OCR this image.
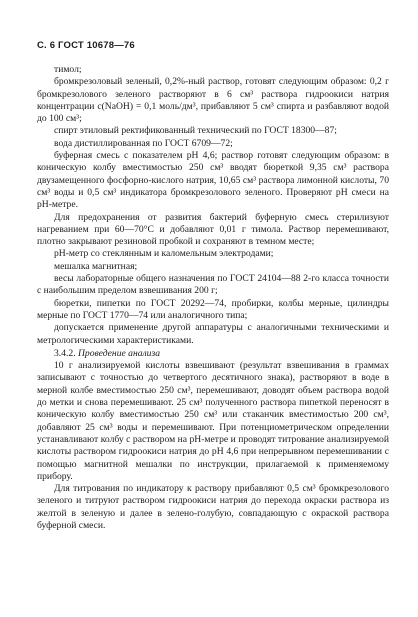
С. 6 ГОСТ 10678—76

тимол;

бромкрезоловый зеленый, 0,2%-ный раствор, готовят следующим образом: 0,2 г бромкрезолового зеленого растворяют в 6 см³ раствора гидроокиси натрия концентрации c(NaOH) = 0,1 моль/дм³, прибавляют 5 см³ спирта и разбавляют водой до 100 см³;

спирт этиловый ректификованный технический по ГОСТ 18300—87;

вода дистиллированная по ГОСТ 6709—72;

буферная смесь с показателем pH 4,6; раствор готовят следующим образом: в коническую колбу вместимостью 250 см³ вводят бюреткой 9,35 см³ раствора двузамещенного фосфорно-кислого натрия, 10,65 см³ раствора лимонной кислоты, 70 см³ воды и 0,5 см³ индикатора бромкрезолового зеленого. Проверяют pH смеси на pH-метре.

Для предохранения от развития бактерий буферную смесь стерилизуют нагреванием при 60—70°С и добавляют 0,01 г тимола. Раствор перемешивают, плотно закрывают резиновой пробкой и сохраняют в темном месте;

pH-метр со стеклянным и каломельным электродами;

мешалка магнитная;

весы лабораторные общего назначения по ГОСТ 24104—88 2-го класса точности с наибольшим пределом взвешивания 200 г;

бюретки, пипетки по ГОСТ 20292—74, пробирки, колбы мерные, цилиндры мерные по ГОСТ 1770—74 или аналогичного типа;

допускается применение другой аппаратуры с аналогичными техническими и метрологическими характеристиками.

3.4.2. Проведение анализа

10 г анализируемой кислоты взвешивают (результат взвешивания в граммах записывают с точностью до четвертого десятичного знака), растворяют в воде в мерной колбе вместимостью 250 см³, перемешивают, доводят объем раствора водой до метки и снова перемешивают. 25 см³ полученного раствора пипеткой переносят в коническую колбу вместимостью 250 см³ или стаканчик вместимостью 200 см³, добавляют 25 см³ воды и перемешивают. При потенциометрическом определении устанавливают колбу с раствором на pH-метре и проводят титрование анализируемой кислоты раствором гидроокиси натрия до pH 4,6 при непрерывном перемешивании с помощью магнитной мешалки по инструкции, прилагаемой к применяемому прибору.

Для титрования по индикатору к раствору прибавляют 0,5 см³ бромкрезолового зеленого и титруют раствором гидроокиси натрия до перехода окраски раствора из желтой в зеленую и далее в зелено-голубую, совпадающую с окраской раствора буферной смеси.
